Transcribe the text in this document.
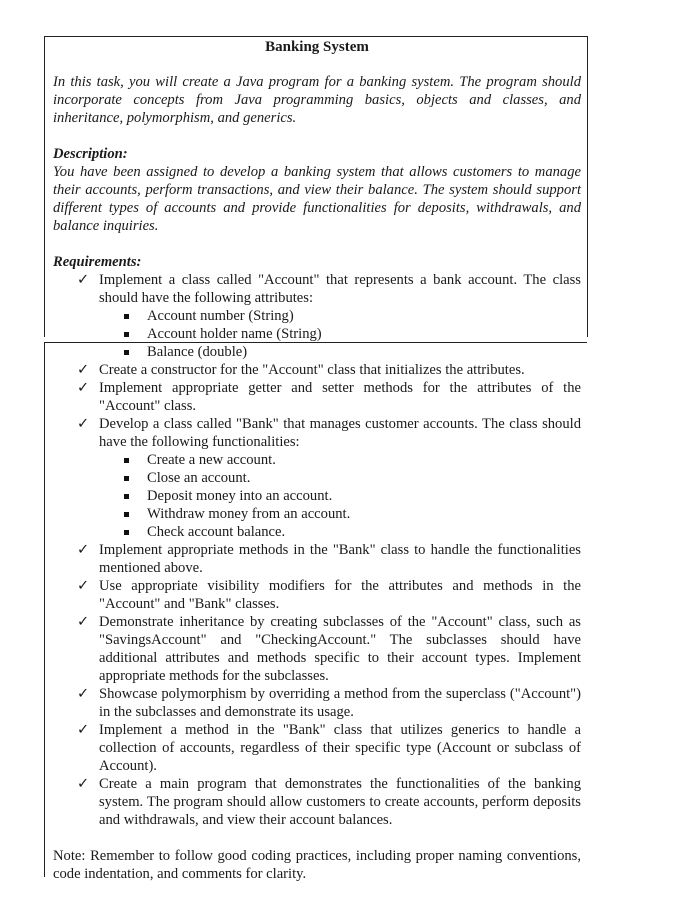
Banking System

In this task, you will create a Java program for a banking system. The program should incorporate concepts from Java programming basics, objects and classes, and inheritance, polymorphism, and generics.

Description:

You have been assigned to develop a banking system that allows customers to manage their accounts, perform transactions, and view their balance. The system should support different types of accounts and provide functionalities for deposits, withdrawals, and balance inquiries.

Requirements:
✓ Implement a class called "Account" that represents a bank account. The class should have the following attributes:
Account number (String)
Account holder name (String)
Balance (double)
✓ Create a constructor for the "Account" class that initializes the attributes.
✓ Implement appropriate getter and setter methods for the attributes of the "Account" class.
✓ Develop a class called "Bank" that manages customer accounts. The class should have the following functionalities:
Create a new account.
Close an account.
Deposit money into an account.
Withdraw money from an account.
Check account balance.
✓ Implement appropriate methods in the "Bank" class to handle the functionalities mentioned above.
✓ Use appropriate visibility modifiers for the attributes and methods in the "Account" and "Bank" classes.
✓ Demonstrate inheritance by creating subclasses of the "Account" class, such as "SavingsAccount" and "CheckingAccount." The subclasses should have additional attributes and methods specific to their account types. Implement appropriate methods for the subclasses.
✓ Showcase polymorphism by overriding a method from the superclass ("Account") in the subclasses and demonstrate its usage.
✓ Implement a method in the "Bank" class that utilizes generics to handle a collection of accounts, regardless of their specific type (Account or subclass of Account).
✓ Create a main program that demonstrates the functionalities of the banking system. The program should allow customers to create accounts, perform deposits and withdrawals, and view their account balances.
Note: Remember to follow good coding practices, including proper naming conventions, code indentation, and comments for clarity.
